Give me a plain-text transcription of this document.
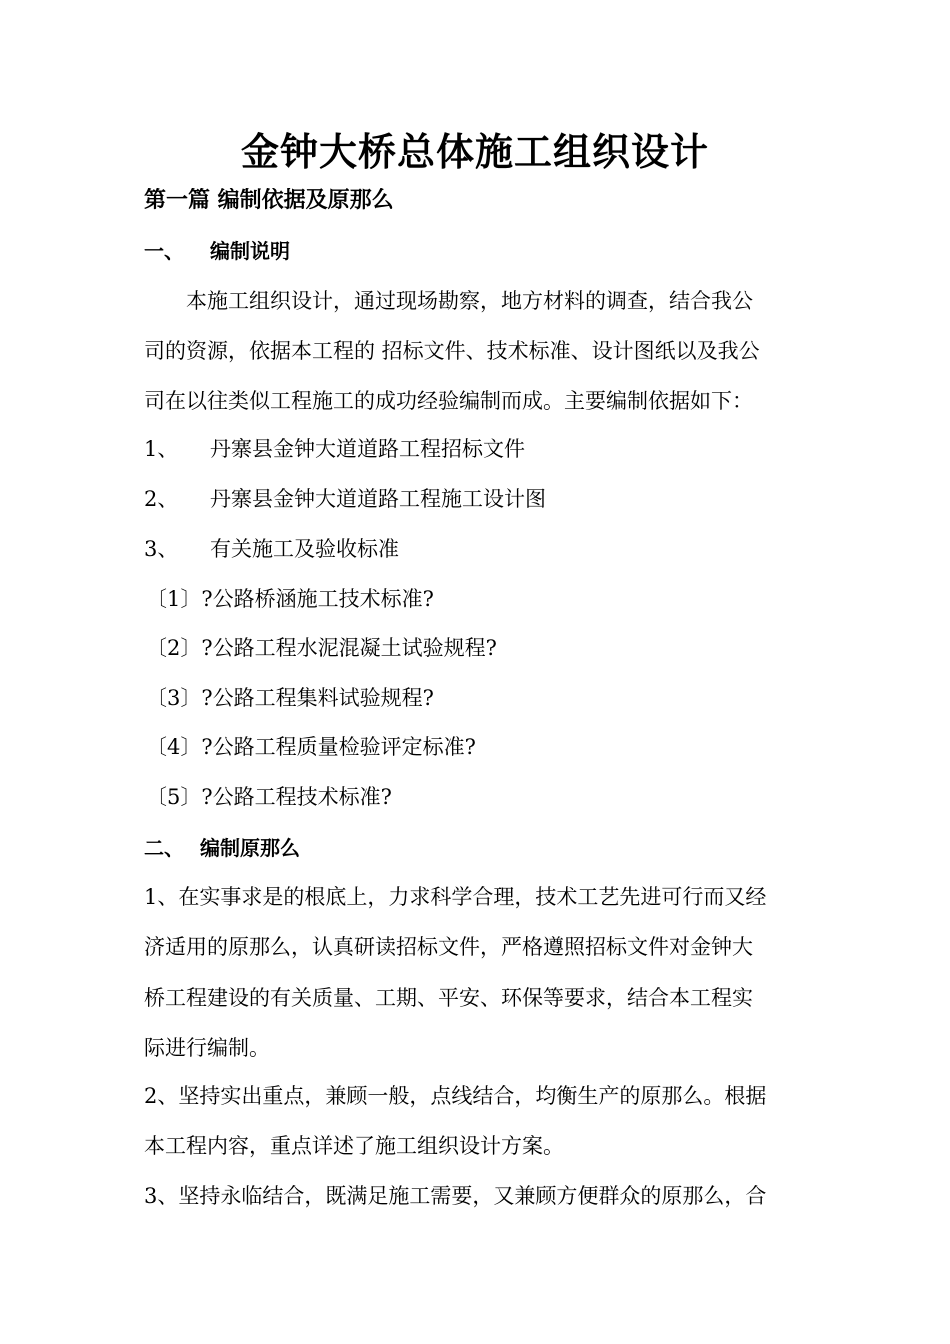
金钟大桥总体施工组织设计
第一篇 编制依据及原那么
一、 编制说明
本施工组织设计，通过现场勘察，地方材料的调查，结合我公
司的资源，依据本工程的 招标文件、技术标准、设计图纸以及我公
司在以往类似工程施工的成功经验编制而成。主要编制依据如下：
1、 丹寨县金钟大道道路工程招标文件
2、 丹寨县金钟大道道路工程施工设计图
3、 有关施工及验收标准
〔1〕?公路桥涵施工技术标准?
〔2〕?公路工程水泥混凝土试验规程?
〔3〕?公路工程集料试验规程?
〔4〕?公路工程质量检验评定标准?
〔5〕?公路工程技术标准?
二、 编制原那么
1、在实事求是的根底上，力求科学合理，技术工艺先进可行而又经
济适用的原那么，认真研读招标文件，严格遵照招标文件对金钟大
桥工程建设的有关质量、工期、平安、环保等要求，结合本工程实
际进行编制。
2、坚持实出重点，兼顾一般，点线结合，均衡生产的原那么。根据
本工程内容，重点详述了施工组织设计方案。
3、坚持永临结合，既满足施工需要，又兼顾方便群众的原那么，合
